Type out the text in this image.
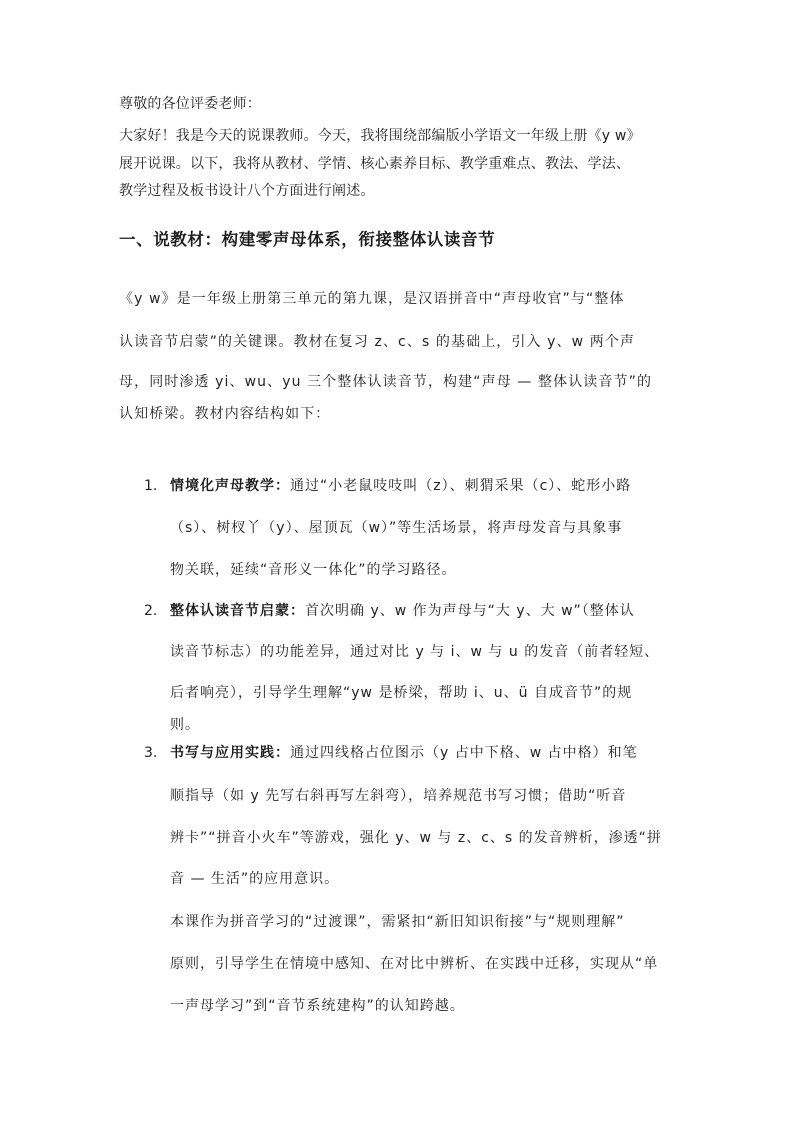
尊敬的各位评委老师：
大家好！我是今天的说课教师。今天，我将围绕部编版小学语文一年级上册《y w》
展开说课。以下，我将从教材、学情、核心素养目标、教学重难点、教法、学法、
教学过程及板书设计八个方面进行阐述。
一、说教材：构建零声母体系，衔接整体认读音节
《y w》是一年级上册第三单元的第九课，是汉语拼音中“声母收官”与“整体
认读音节启蒙”的关键课。教材在复习 z、c、s 的基础上，引入 y、w 两个声
母，同时渗透 yi、wu、yu 三个整体认读音节，构建“声母 — 整体认读音节”的
认知桥梁。教材内容结构如下：
1. 情境化声母教学：通过“小老鼠吱吱叫（z）、刺猬采果（c）、蛇形小路
（s）、树杈丫（y）、屋顶瓦（w）”等生活场景，将声母发音与具象事
物关联，延续“音形义一体化”的学习路径。
2. 整体认读音节启蒙：首次明确 y、w 作为声母与“大 y、大 w”（整体认
读音节标志）的功能差异，通过对比 y 与 i、w 与 u 的发音（前者轻短、
后者响亮），引导学生理解“yw 是桥梁，帮助 i、u、ü 自成音节”的规
则。
3. 书写与应用实践：通过四线格占位图示（y 占中下格、w 占中格）和笔
顺指导（如 y 先写右斜再写左斜弯），培养规范书写习惯；借助“听音
辨卡”“拼音小火车”等游戏，强化 y、w 与 z、c、s 的发音辨析，渗透“拼
音 — 生活”的应用意识。
本课作为拼音学习的“过渡课”，需紧扣“新旧知识衔接”与“规则理解”
原则，引导学生在情境中感知、在对比中辨析、在实践中迁移，实现从“单
一声母学习”到“音节系统建构”的认知跨越。
